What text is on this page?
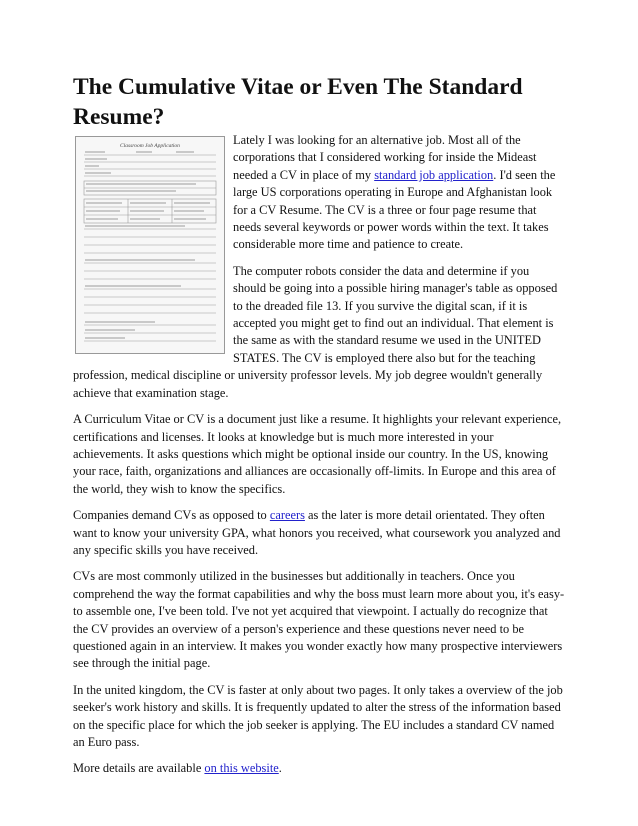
The Cumulative Vitae or Even The Standard Resume?
Classroom Job Application	Lately I was looking for an alternative job. Most all of the corporations that I considered working for inside the Mideast needed a CV in place of my standard job application. I'd seen the large US corporations operating in Europe and Afghanistan look for a CV Resume. The CV is a three or four page resume that needs several keywords or power words within the text. It takes considerable more time and patience to create.

The computer robots consider the data and determine if you should be going into a possible hiring manager's table as opposed to the dreaded file 13. If you survive the digital scan, if it is accepted you might get to find out an individual. That element is the same as with the standard resume we used in the UNITED STATES. The CV is employed there also but for the teaching profession, medical discipline or university professor levels. My job degree wouldn't generally achieve that examination stage.

A Curriculum Vitae or CV is a document just like a resume. It highlights your relevant experience, certifications and licenses. It looks at knowledge but is much more interested in your achievements. It asks questions which might be optional inside our country. In the US, knowing your race, faith, organizations and alliances are occasionally off-limits. In Europe and this area of the world, they wish to know the specifics.

Companies demand CVs as opposed to careers as the later is more detail orientated. They often want to know your university GPA, what honors you received, what coursework you analyzed and any specific skills you have received.

CVs are most commonly utilized in the businesses but additionally in teachers. Once you comprehend the way the format capabilities and why the boss must learn more about you, it's easy-to assemble one, I've been told. I've not yet acquired that viewpoint. I actually do recognize that the CV provides an overview of a person's experience and these questions never need to be questioned again in an interview. It makes you wonder exactly how many prospective interviewers see through the initial page.

In the united kingdom, the CV is faster at only about two pages. It only takes a overview of the job seeker's work history and skills. It is frequently updated to alter the stress of the information based on the specific place for which the job seeker is applying. The EU includes a standard CV named an Euro pass.

More details are available on this website.
